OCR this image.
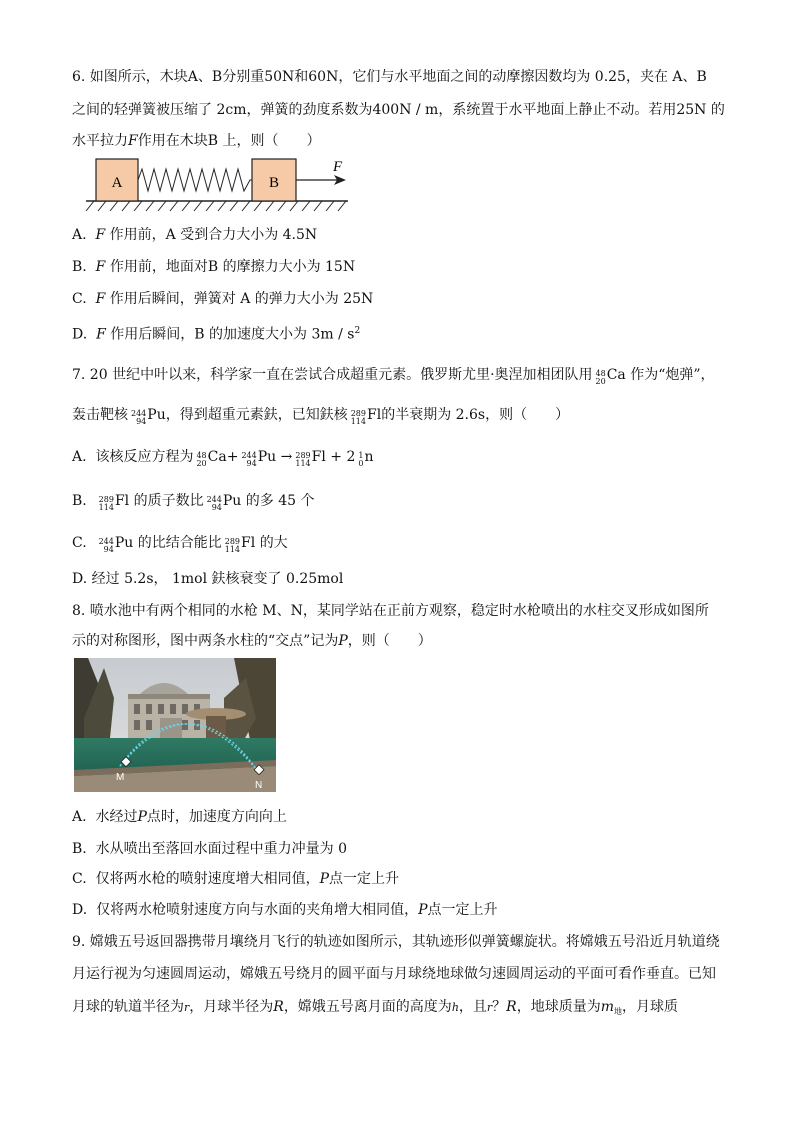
6. 如图所示，木块A、B分别重50N和60N，它们与水平地面之间的动摩擦因数均为 0.25，夹在 A、B
之间的轻弹簧被压缩了 2cm，弹簧的劲度系数为400N / m，系统置于水平地面上静止不动。若用25N 的
水平拉力F作用在木块B 上，则（　　）
A	B
F
A. F 作用前，A 受到合力大小为 4.5N
B. F 作用前，地面对B 的摩擦力大小为 15N
C. F 作用后瞬间，弹簧对 A 的弹力大小为 25N
D. F 作用后瞬间，B 的加速度大小为 $3m / s^2$
7. 20 世纪中叶以来，科学家一直在尝试合成超重元素。俄罗斯尤里·奥涅加相团队用 48
20 Ca 作为“炮弹”，
轰击靶核 244
94 Pu，得到超重元素鈇，已知鈇核 289
114 Fl的半衰期为 2.6s，则（　　）
A. 该核反应方程为 48
20 Ca+ 244
94 Pu → 289
114 Fl + 2 1
0 n
B. 289
114 Fl 的质子数比 244
94 Pu 的多 45 个
C. 244
94 Pu 的比结合能比 289
114 Fl 的大
D. 经过 5.2s， 1mol 鈇核衰变了 0.25mol
8. 喷水池中有两个相同的水枪 M、N，某同学站在正前方观察，稳定时水枪喷出的水柱交叉形成如图所
示的对称图形，图中两条水柱的“交点”记为P，则（　　）
M
N
A. 水经过P点时，加速度方向向上
B. 水从喷出至落回水面过程中重力冲量为 0
C. 仅将两水枪的喷射速度增大相同值，P点一定上升
D. 仅将两水枪喷射速度方向与水面的夹角增大相同值，P点一定上升
9. 嫦娥五号返回器携带月壤绕月飞行的轨迹如图所示，其轨迹形似弹簧螺旋状。将嫦娥五号沿近月轨道绕
月运行视为匀速圆周运动，嫦娥五号绕月的圆平面与月球绕地球做匀速圆周运动的平面可看作垂直。已知
月球的轨道半径为r，月球半径为R，嫦娥五号离月面的高度为h，且r？R，地球质量为$m_地$，月球质
